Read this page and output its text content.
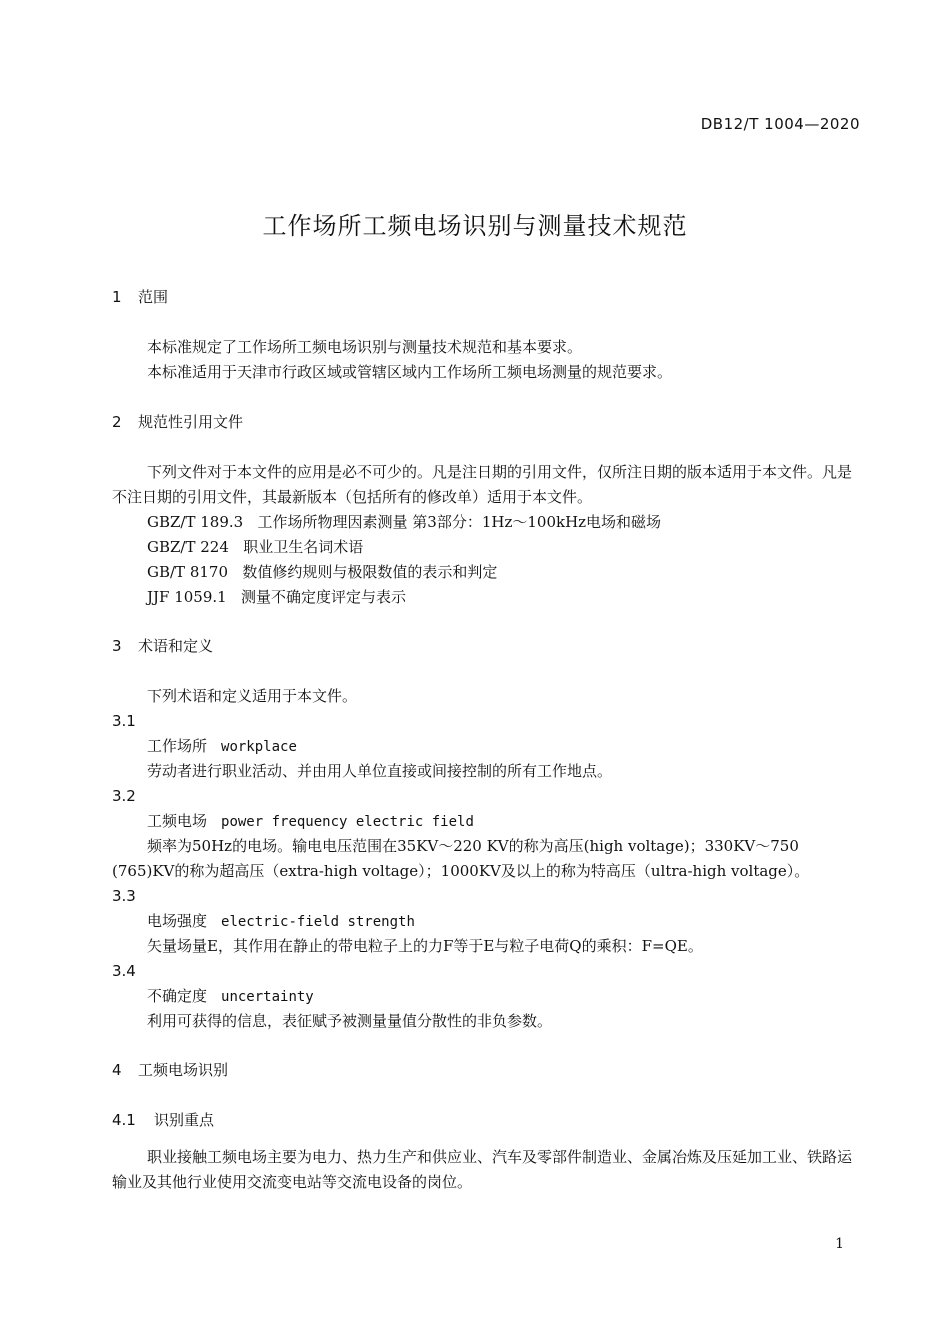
DB12/T 1004—2020
工作场所工频电场识别与测量技术规范
1 范围
本标准规定了工作场所工频电场识别与测量技术规范和基本要求。
本标准适用于天津市行政区域或管辖区域内工作场所工频电场测量的规范要求。
2 规范性引用文件
下列文件对于本文件的应用是必不可少的。凡是注日期的引用文件，仅所注日期的版本适用于本文件。凡是不注日期的引用文件，其最新版本（包括所有的修改单）适用于本文件。
GBZ/T 189.3 工作场所物理因素测量 第3部分：1Hz～100kHz电场和磁场
GBZ/T 224 职业卫生名词术语
GB/T 8170 数值修约规则与极限数值的表示和判定
JJF 1059.1 测量不确定度评定与表示
3 术语和定义
下列术语和定义适用于本文件。
3.1
工作场所 workplace
劳动者进行职业活动、并由用人单位直接或间接控制的所有工作地点。
3.2
工频电场 power frequency electric field
频率为50Hz的电场。输电电压范围在35KV～220 KV的称为高压(high voltage)；330KV～750 (765)KV的称为超高压（extra-high voltage）；1000KV及以上的称为特高压（ultra-high voltage）。
3.3
电场强度 electric-field strength
矢量场量E，其作用在静止的带电粒子上的力F等于E与粒子电荷Q的乘积：F=QE。
3.4
不确定度 uncertainty
利用可获得的信息，表征赋予被测量量值分散性的非负参数。
4 工频电场识别
4.1 识别重点
职业接触工频电场主要为电力、热力生产和供应业、汽车及零部件制造业、金属冶炼及压延加工业、铁路运输业及其他行业使用交流变电站等交流电设备的岗位。
1
